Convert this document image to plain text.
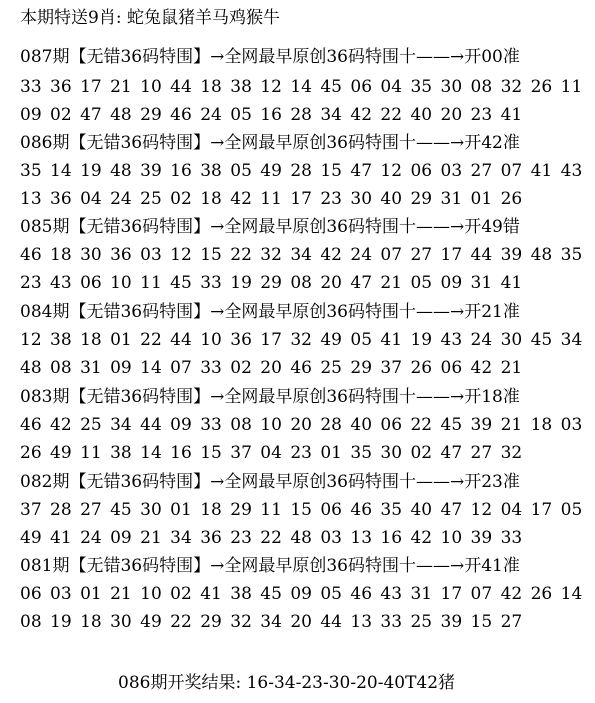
本期特送9肖: 蛇兔鼠猪羊马鸡猴牛
087期【无错36码特围】→全网最早原创36码特围十——→开00准
33 36 17 21 10 44 18 38 12 14 45 06 04 35 30 08 32 26 11
09 02 47 48 29 46 24 05 16 28 34 42 22 40 20 23 41
086期【无错36码特围】→全网最早原创36码特围十——→开42准
35 14 19 48 39 16 38 05 49 28 15 47 12 06 03 27 07 41 43
13 36 04 24 25 02 18 42 11 17 23 30 40 29 31 01 26
085期【无错36码特围】→全网最早原创36码特围十——→开49错
46 18 30 36 03 12 15 22 32 34 42 24 07 27 17 44 39 48 35
23 43 06 10 11 45 33 19 29 08 20 47 21 05 09 31 41
084期【无错36码特围】→全网最早原创36码特围十——→开21准
12 38 18 01 22 44 10 36 17 32 49 05 41 19 43 24 30 45 34
48 08 31 09 14 07 33 02 20 46 25 29 37 26 06 42 21
083期【无错36码特围】→全网最早原创36码特围十——→开18准
46 42 25 34 44 09 33 08 10 20 28 40 06 22 45 39 21 18 03
26 49 11 38 14 16 15 37 04 23 01 35 30 02 47 27 32
082期【无错36码特围】→全网最早原创36码特围十——→开23准
37 28 27 45 30 01 18 29 11 15 06 46 35 40 47 12 04 17 05
49 41 24 09 21 34 36 23 22 48 03 13 16 42 10 39 33
081期【无错36码特围】→全网最早原创36码特围十——→开41准
06 03 01 21 10 02 41 38 45 09 05 46 43 31 17 07 42 26 14
08 19 18 30 49 22 29 32 34 20 44 13 33 25 39 15 27
086期开奖结果: 16-34-23-30-20-40T42猪
